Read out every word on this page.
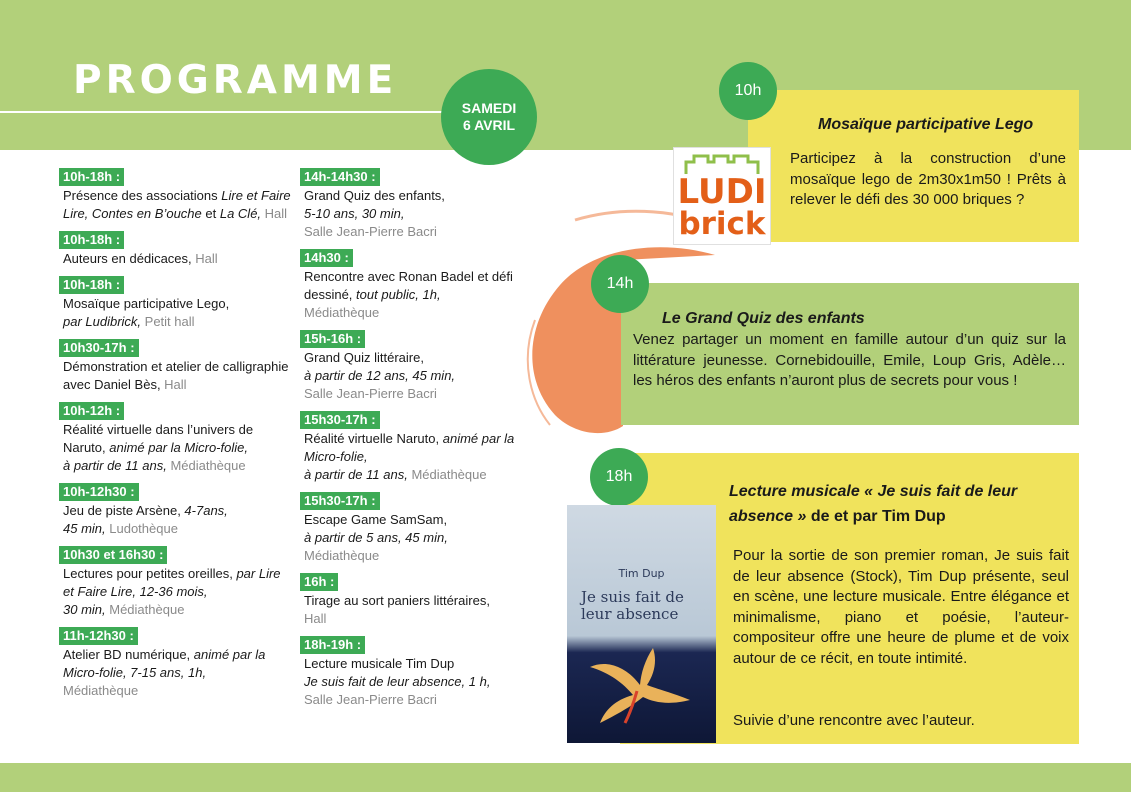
PROGRAMME
SAMEDI
6 AVRIL
10h-18h :
Présence des associations Lire et Faire Lire, Contes en B’ouche et La Clé, Hall
10h-18h :
Auteurs en dédicaces, Hall
10h-18h :
Mosaïque participative Lego,
par Ludibrick, Petit hall
10h30-17h :
Démonstration et atelier de calligraphie avec Daniel Bès, Hall
10h-12h :
Réalité virtuelle dans l’univers de Naruto, animé par la Micro-folie,
à partir de 11 ans, Médiathèque
10h-12h30 :
Jeu de piste Arsène, 4-7ans,
45 min, Ludothèque
10h30 et 16h30 :
Lectures pour petites oreilles, par Lire et Faire Lire, 12-36 mois,
30 min, Médiathèque
11h-12h30 :
Atelier BD numérique, animé par la Micro-folie, 7-15 ans, 1h,
Médiathèque
14h-14h30 :
Grand Quiz des enfants,
5-10 ans, 30 min,
Salle Jean-Pierre Bacri
14h30 :
Rencontre avec Ronan Badel et défi dessiné, tout public, 1h,
Médiathèque
15h-16h :
Grand Quiz littéraire,
à partir de 12 ans, 45 min,
Salle Jean-Pierre Bacri
15h30-17h :
Réalité virtuelle Naruto, animé par la Micro-folie,
à partir de 11 ans, Médiathèque
15h30-17h :
Escape Game SamSam,
à partir de 5 ans, 45 min,
Médiathèque
16h :
Tirage au sort paniers littéraires,
Hall
18h-19h :
Lecture musicale Tim Dup
Je suis fait de leur absence, 1 h,
Salle Jean-Pierre Bacri
10h
Mosaïque participative Lego
Participez à la construction d’une mosaïque lego de 2m30x1m50 ! Prêts à relever le défi des 30 000 briques ?
LUDI
brick
14h
Le Grand Quiz des enfants
Venez partager un moment en famille autour d’un quiz sur la littérature jeunesse. Cornebidouille, Emile, Loup Gris, Adèle… les héros des enfants n’auront plus de secrets pour vous !
18h
Lecture musicale « Je suis fait de leur absence » de et par Tim Dup
Pour la sortie de son premier roman, Je suis fait de leur absence (Stock), Tim Dup présente, seul en scène, une lecture musicale. Entre élégance et minimalisme, piano et poésie, l’auteur-compositeur offre une heure de plume et de voix autour de ce récit, en toute intimité.
Suivie d’une rencontre avec l’auteur.
Tim Dup
Je suis fait de leur absence
